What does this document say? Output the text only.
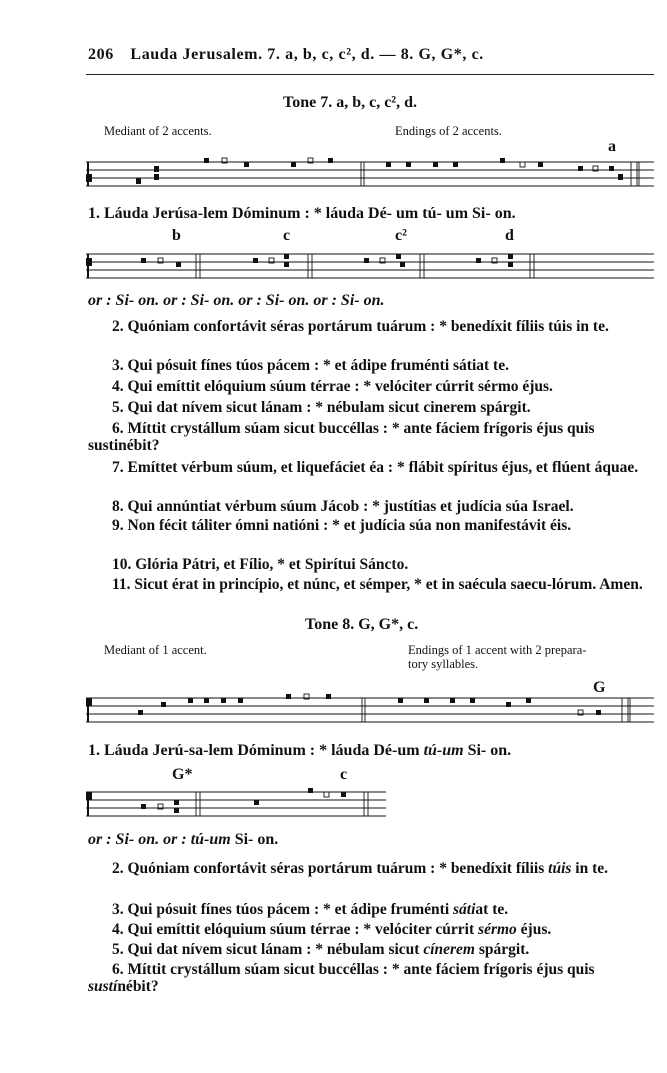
206 Lauda Jerusalem. 7. a, b, c, c², d. — 8. G, G*, c.
Tone 7. a, b, c, c², d.
Mediant of 2 accents.	Endings of 2 accents.
a
1. Láuda Jerúsa-lem Dóminum : * láuda Dé- um tú- um Si- on.
b	c	c²	d
or : Si- on. or : Si- on. or : Si- on. or : Si- on.
2. Quóniam confortávit séras portárum tuárum : * benedíxit fíliis túis in te.
3. Qui pósuit fínes túos pácem : * et ádipe fruménti sátiat te.
4. Qui emíttit elóquium súum térrae : * velóciter cúrrit sérmo éjus.
5. Qui dat nívem sicut lánam : * nébulam sicut cinerem spárgit.
6. Míttit crystállum súam sicut buccéllas : * ante fáciem frígoris éjus quis sustinébit?
7. Emíttet vérbum súum, et liquefáciet éa : * flábit spíritus éjus, et flúent áquae.
8. Qui annúntiat vérbum súum Jácob : * justítias et judícia súa Israel.
9. Non fécit táliter ómni natióni : * et judícia súa non manifestávit éis.
10. Glória Pátri, et Fílio, * et Spirítui Sáncto.
11. Sicut érat in princípio, et núnc, et sémper, * et in saécula saecu-lórum. Amen.
Tone 8. G, G*, c.
Mediant of 1 accent.	Endings of 1 accent with 2 prepara-
tory syllables.
G
1. Láuda Jerú-sa-lem Dóminum : * láuda Dé-um tú-um Si- on.
G*	c
or : Si- on. or : tú-um Si- on.
2. Quóniam confortávit séras portárum tuárum : * benedíxit fíliis túis in te.
3. Qui pósuit fínes túos pácem : * et ádipe fruménti sátiat te.
4. Qui emíttit elóquium súum térrae : * velóciter cúrrit sérmo éjus.
5. Qui dat nívem sicut lánam : * nébulam sicut cínerem spárgit.
6. Míttit crystállum súam sicut buccéllas : * ante fáciem frígoris éjus quis sustínébit?
